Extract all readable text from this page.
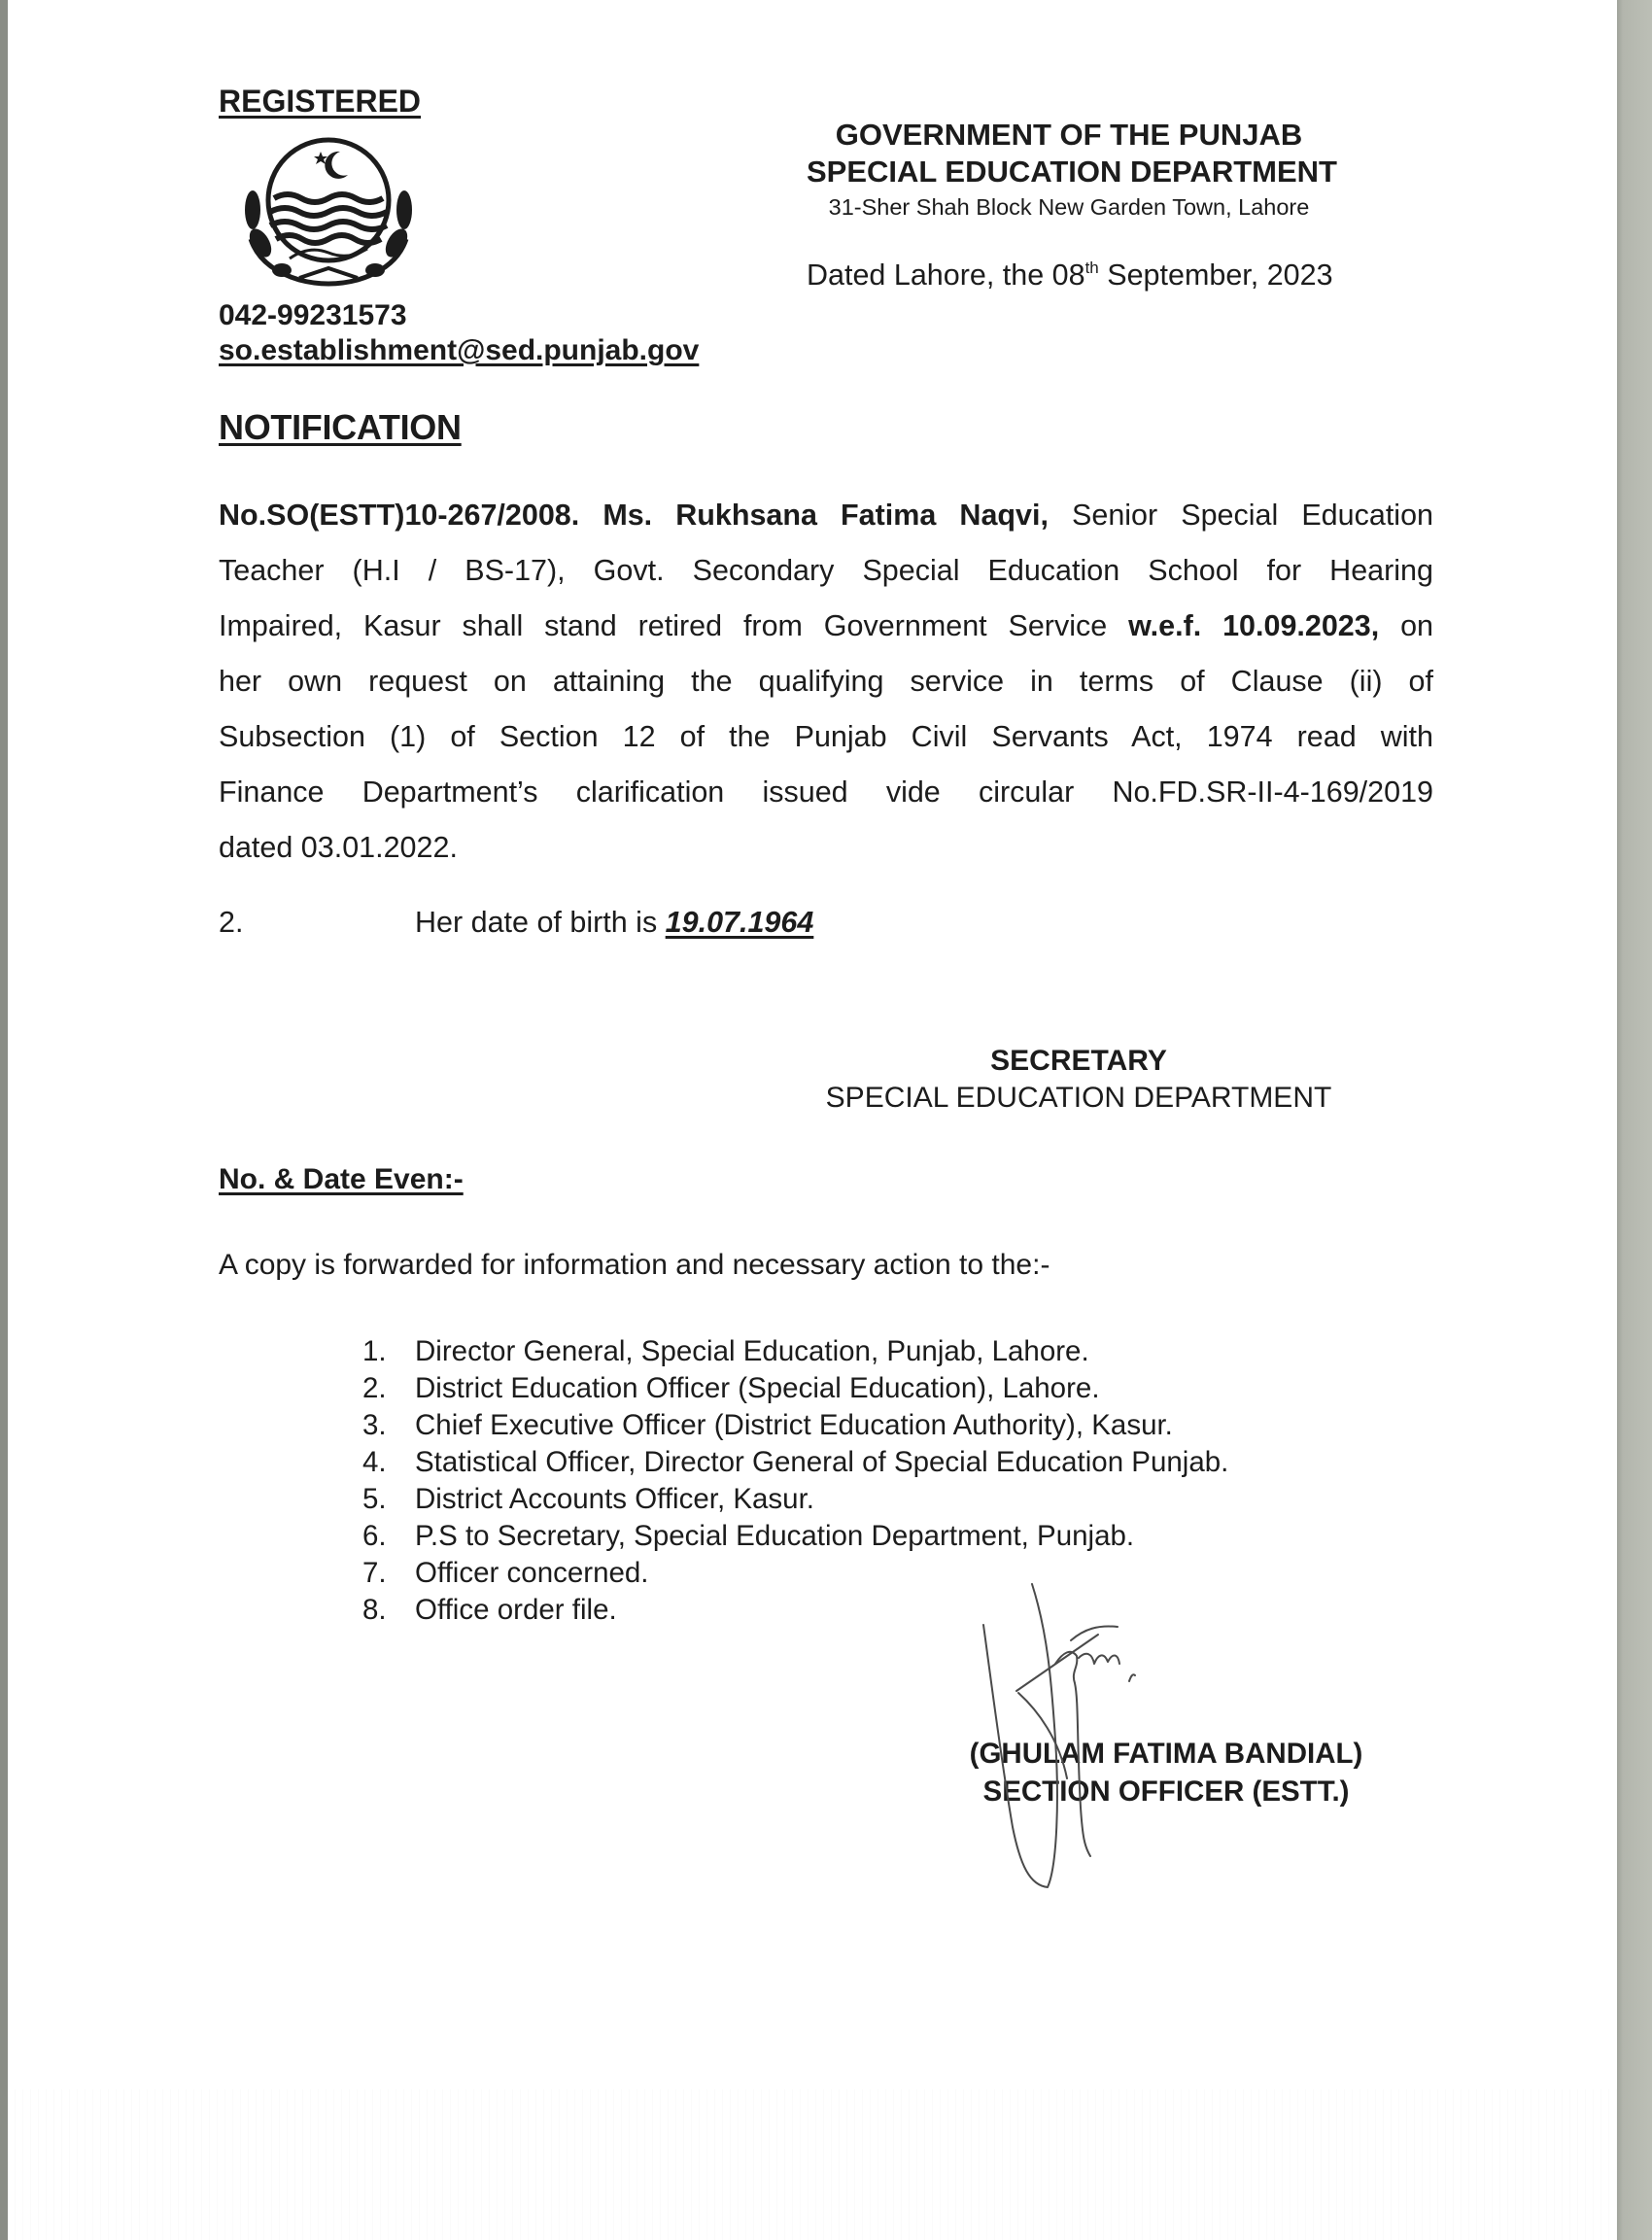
REGISTERED
042-99231573
so.establishment@sed.punjab.gov
GOVERNMENT OF THE PUNJAB
SPECIAL EDUCATION DEPARTMENT
31-Sher Shah Block New Garden Town, Lahore
Dated Lahore, the 08th September, 2023
NOTIFICATION
No.SO(ESTT)10-267/2008. Ms. Rukhsana Fatima Naqvi, Senior Special Education
Teacher (H.I / BS-17), Govt. Secondary Special Education School for Hearing
Impaired, Kasur shall stand retired from Government Service w.e.f. 10.09.2023, on
her own request on attaining the qualifying service in terms of Clause (ii) of
Subsection (1) of Section 12 of the Punjab Civil Servants Act, 1974 read with
Finance Department’s clarification issued vide circular No.FD.SR-II-4-169/2019
dated 03.01.2022.
2.	Her date of birth is 19.07.1964
SECRETARY
SPECIAL EDUCATION DEPARTMENT
No. & Date Even:-
A copy is forwarded for information and necessary action to the:-
1. Director General, Special Education, Punjab, Lahore.
2. District Education Officer (Special Education), Lahore.
3. Chief Executive Officer (District Education Authority), Kasur.
4. Statistical Officer, Director General of Special Education Punjab.
5. District Accounts Officer, Kasur.
6. P.S to Secretary, Special Education Department, Punjab.
7. Officer concerned.
8. Office order file.
(GHULAM FATIMA BANDIAL)
SECTION OFFICER (ESTT.)
